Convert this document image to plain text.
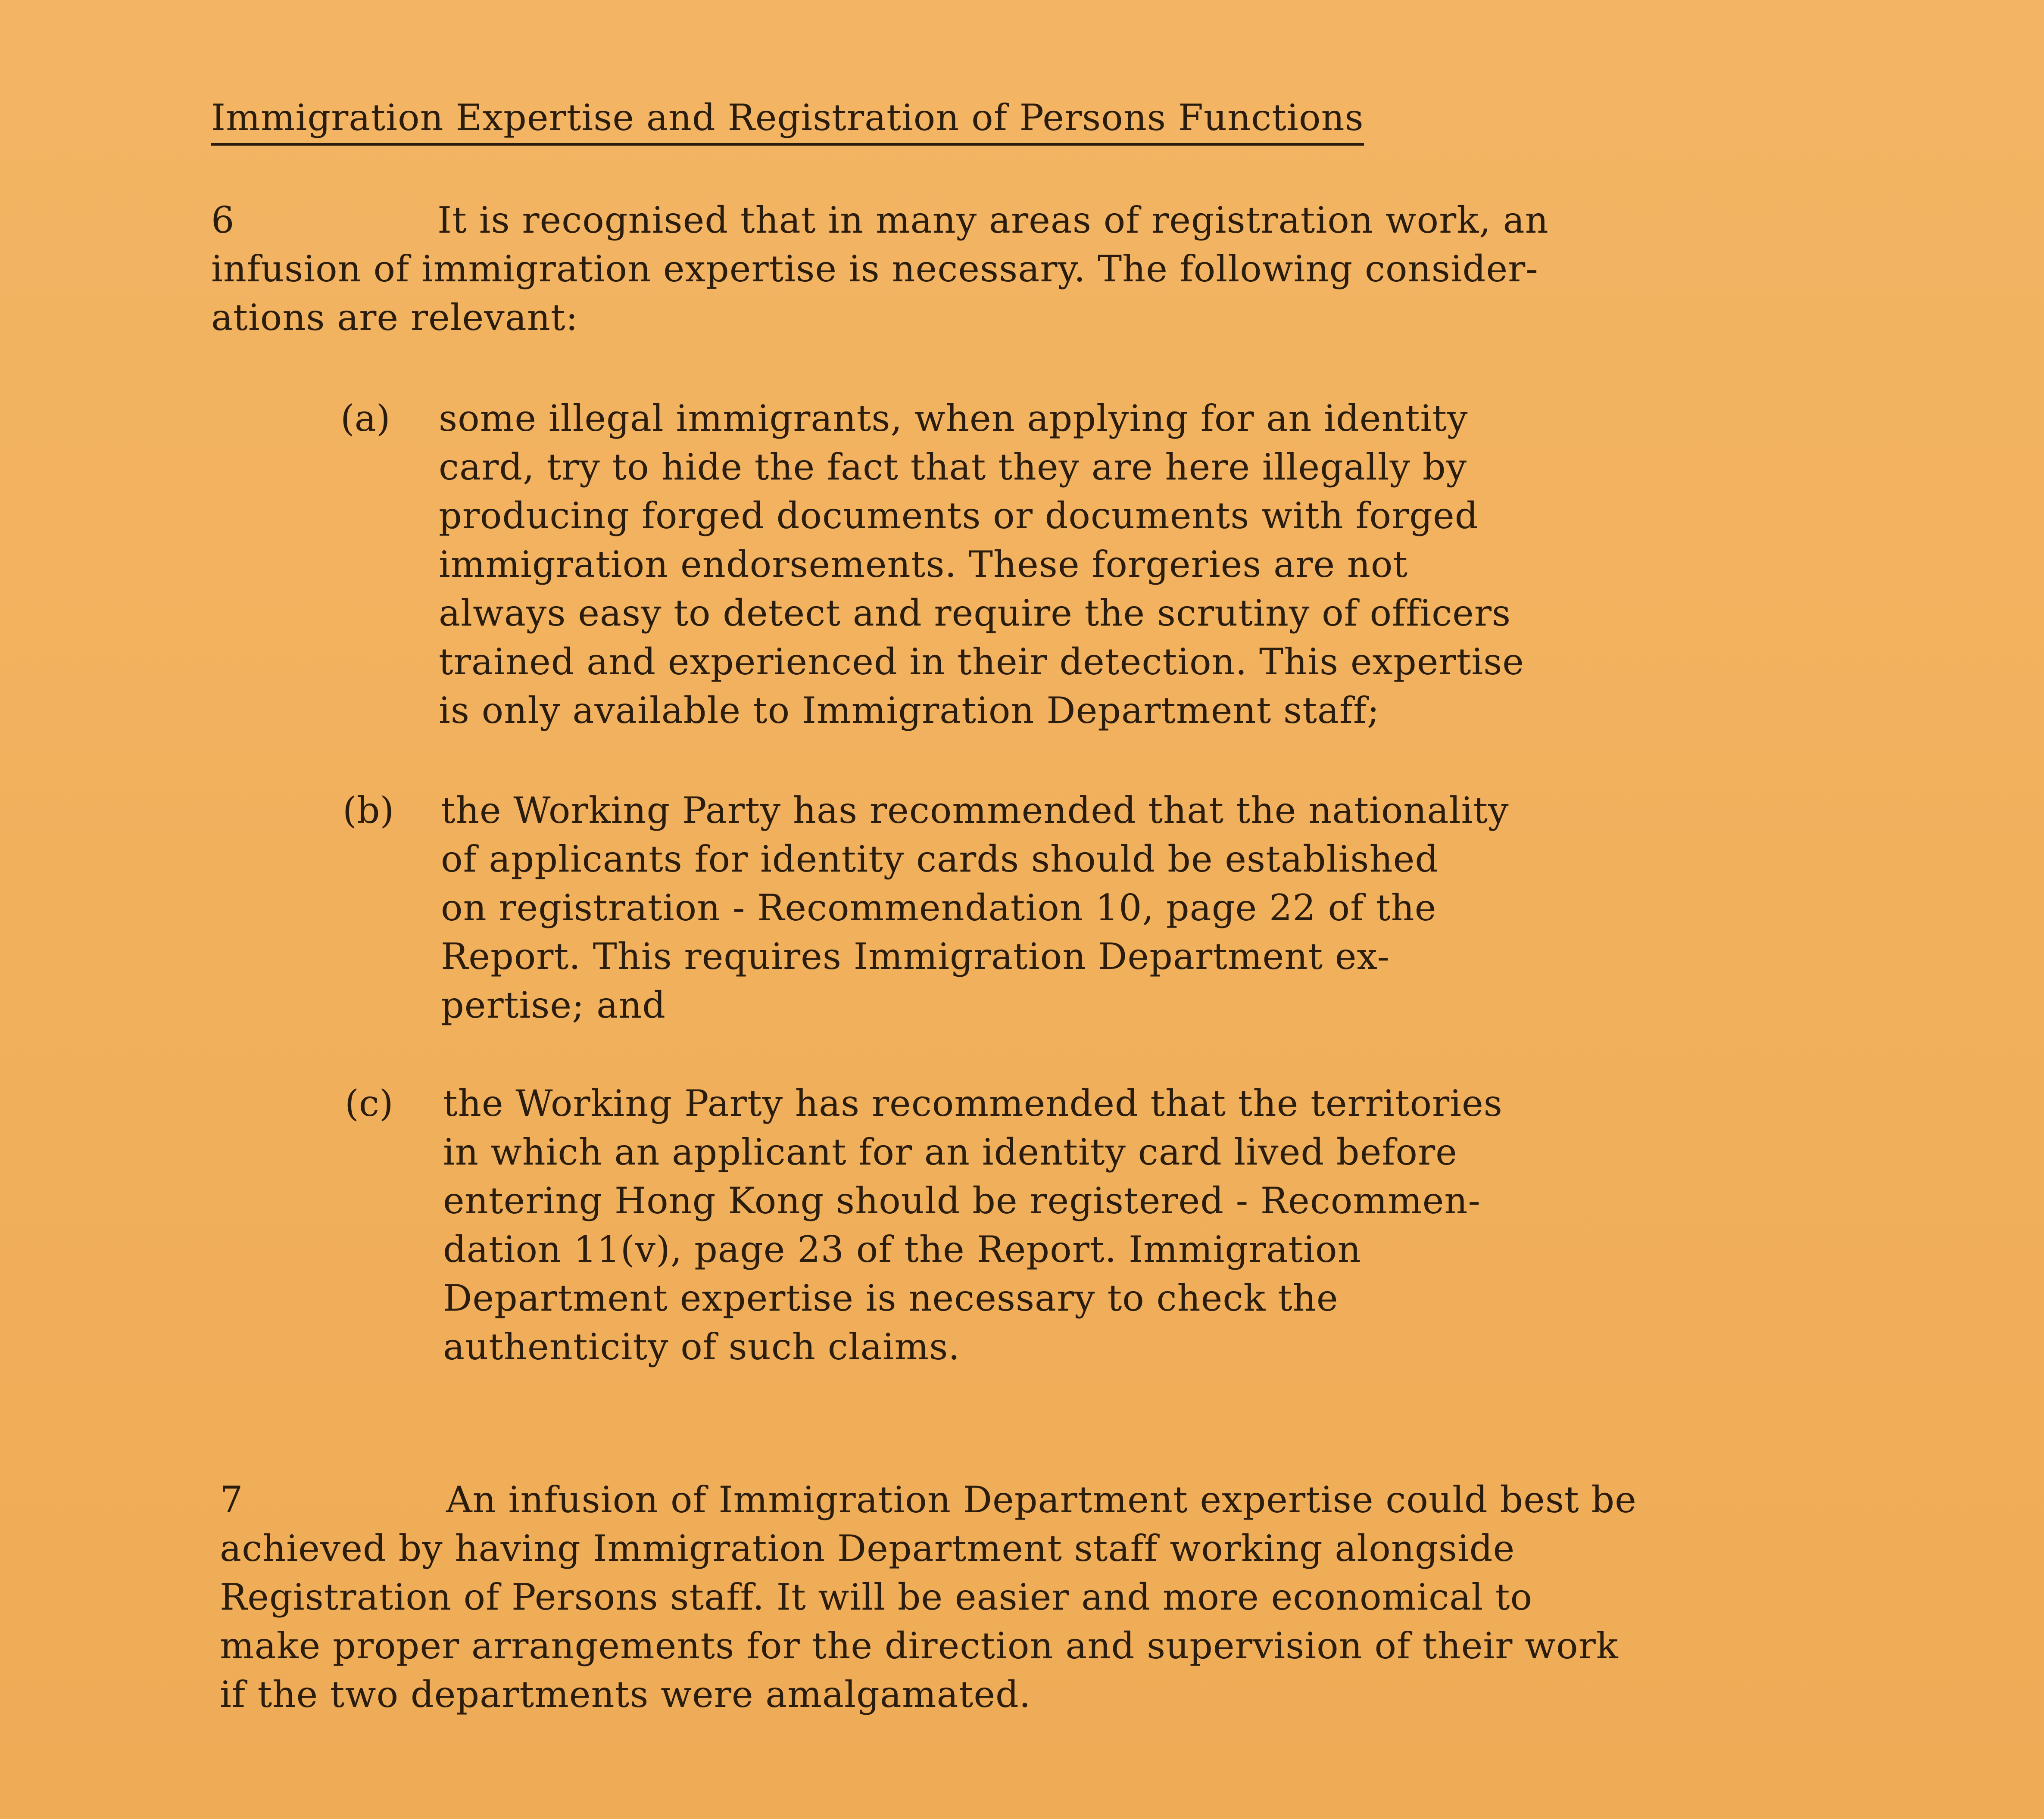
Immigration Expertise and Registration of Persons Functions
6	It is recognised that in many areas of registration work, an
infusion of immigration expertise is necessary. The following consider-
ations are relevant:
(a) some illegal immigrants, when applying for an identity
card, try to hide the fact that they are here illegally by
producing forged documents or documents with forged
immigration endorsements. These forgeries are not
always easy to detect and require the scrutiny of officers
trained and experienced in their detection. This expertise
is only available to Immigration Department staff;
(b) the Working Party has recommended that the nationality
of applicants for identity cards should be established
on registration - Recommendation 10, page 22 of the
Report. This requires Immigration Department ex-
pertise; and
(c) the Working Party has recommended that the territories
in which an applicant for an identity card lived before
entering Hong Kong should be registered - Recommen-
dation 11(v), page 23 of the Report. Immigration
Department expertise is necessary to check the
authenticity of such claims.
7	An infusion of Immigration Department expertise could best be
achieved by having Immigration Department staff working alongside
Registration of Persons staff. It will be easier and more economical to
make proper arrangements for the direction and supervision of their work
if the two departments were amalgamated.
